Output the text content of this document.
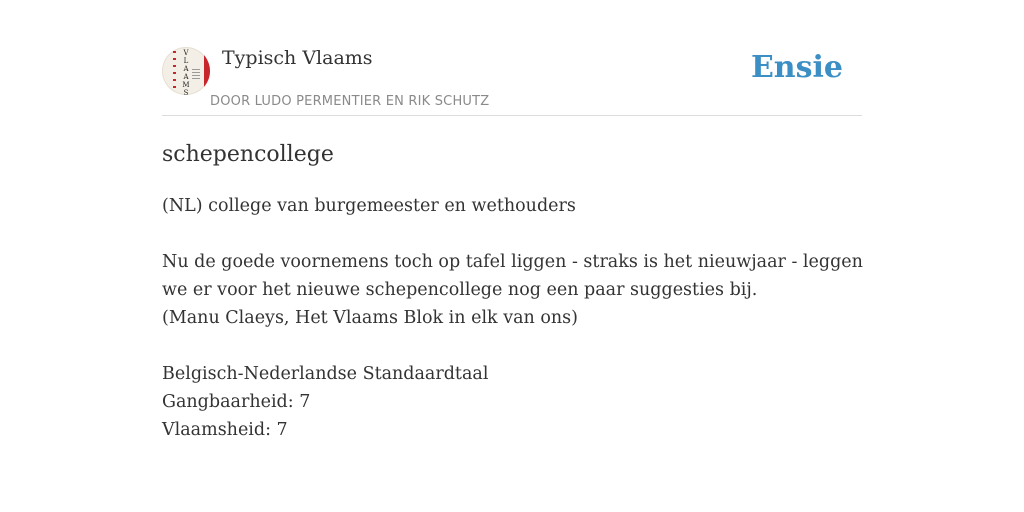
V
L
A
A
M
S
Typisch Vlaams
DOOR LUDO PERMENTIER EN RIK SCHUTZ
Ensie
schepencollege
(NL) college van burgemeester en wethouders
Nu de goede voornemens toch op tafel liggen - straks is het nieuwjaar - leggen
we er voor het nieuwe schepencollege nog een paar suggesties bij.
(Manu Claeys, Het Vlaams Blok in elk van ons)
Belgisch-Nederlandse Standaardtaal
Gangbaarheid: 7
Vlaamsheid: 7
